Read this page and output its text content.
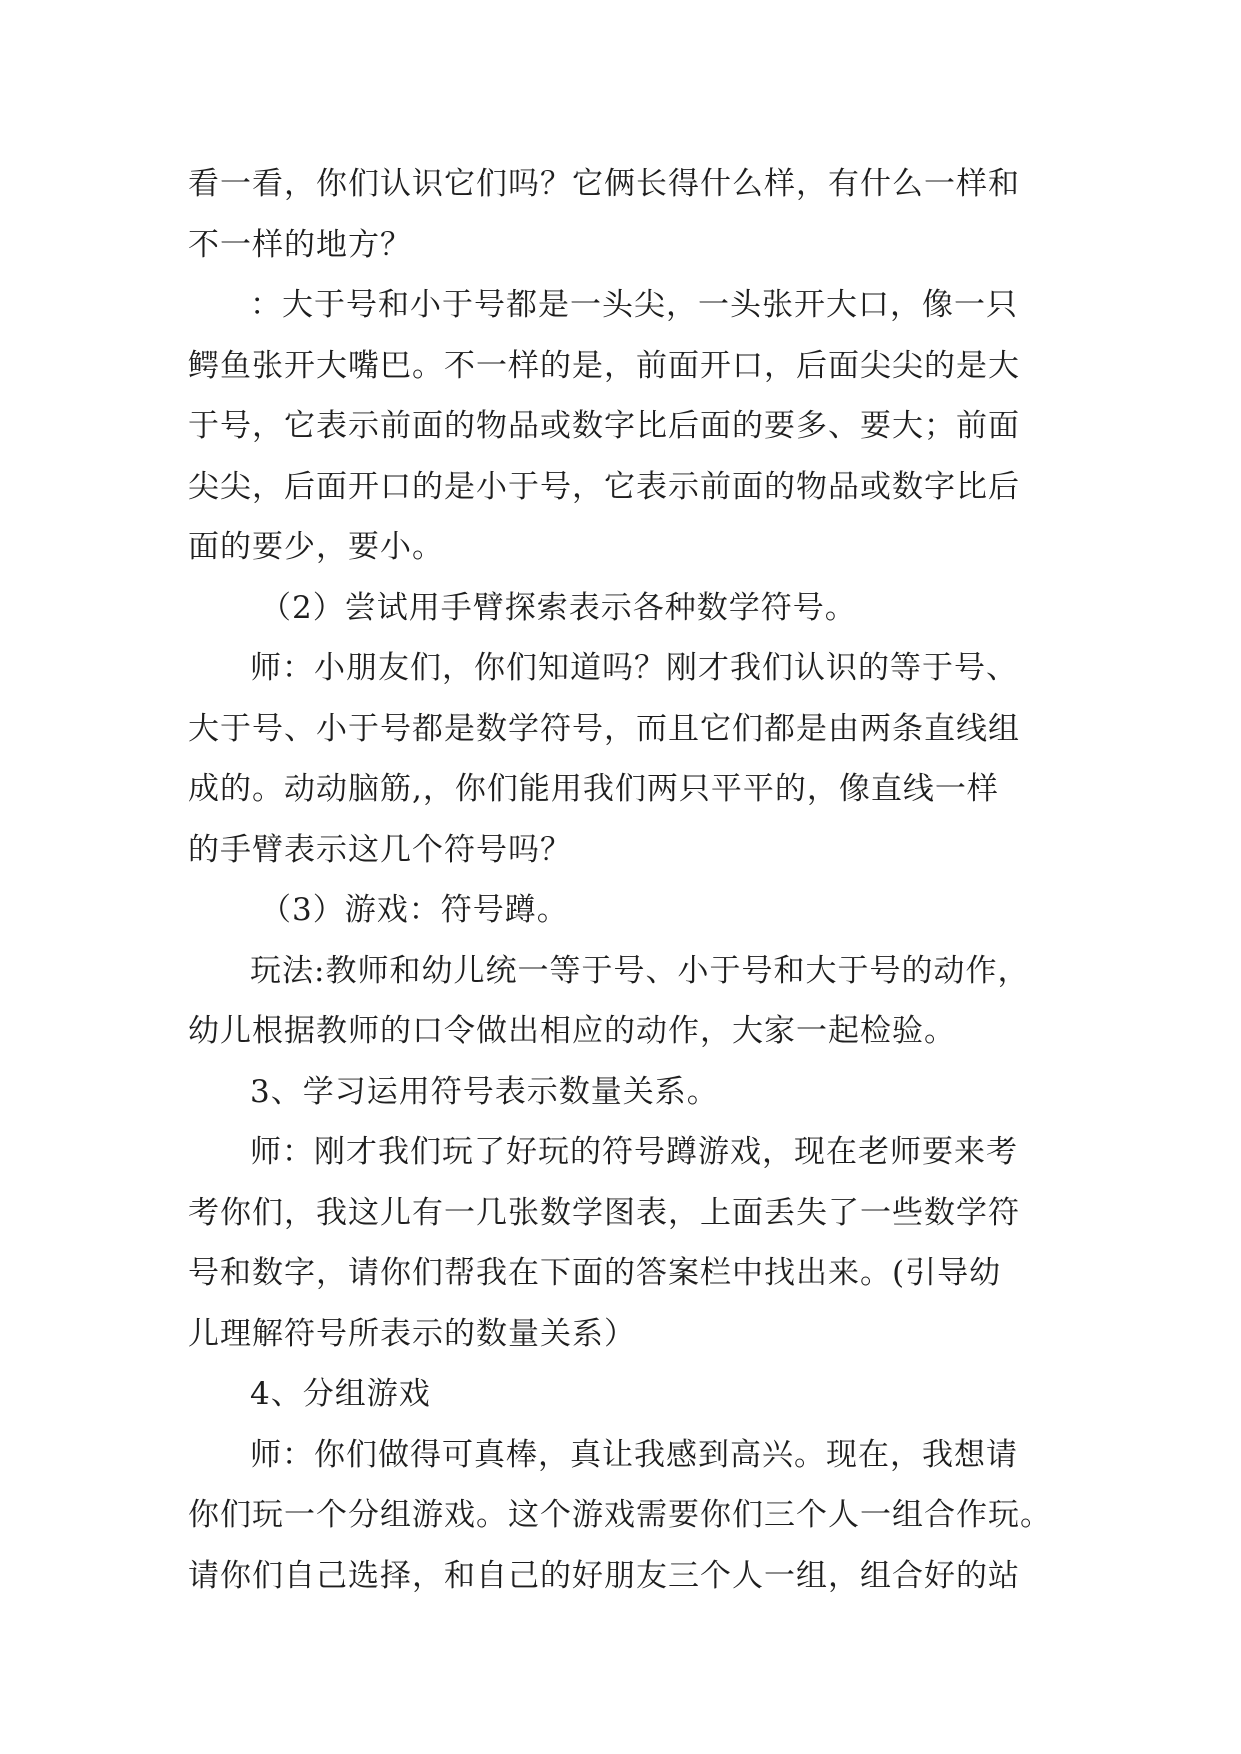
看一看，你们认识它们吗？它俩长得什么样，有什么一样和
不一样的地方？
：大于号和小于号都是一头尖，一头张开大口，像一只
鳄鱼张开大嘴巴。不一样的是，前面开口，后面尖尖的是大
于号，它表示前面的物品或数字比后面的要多、要大；前面
尖尖，后面开口的是小于号，它表示前面的物品或数字比后
面的要少，要小。
（2）尝试用手臂探索表示各种数学符号。
师：小朋友们，你们知道吗？刚才我们认识的等于号、
大于号、小于号都是数学符号，而且它们都是由两条直线组
成的。动动脑筋,，你们能用我们两只平平的，像直线一样
的手臂表示这几个符号吗？
（3）游戏：符号蹲。
玩法:教师和幼儿统一等于号、小于号和大于号的动作，
幼儿根据教师的口令做出相应的动作，大家一起检验。
3、学习运用符号表示数量关系。
师：刚才我们玩了好玩的符号蹲游戏，现在老师要来考
考你们，我这儿有一几张数学图表，上面丢失了一些数学符
号和数字，请你们帮我在下面的答案栏中找出来。(引导幼
儿理解符号所表示的数量关系）
4、分组游戏
师：你们做得可真棒，真让我感到高兴。现在，我想请
你们玩一个分组游戏。这个游戏需要你们三个人一组合作玩。
请你们自己选择，和自己的好朋友三个人一组，组合好的站
